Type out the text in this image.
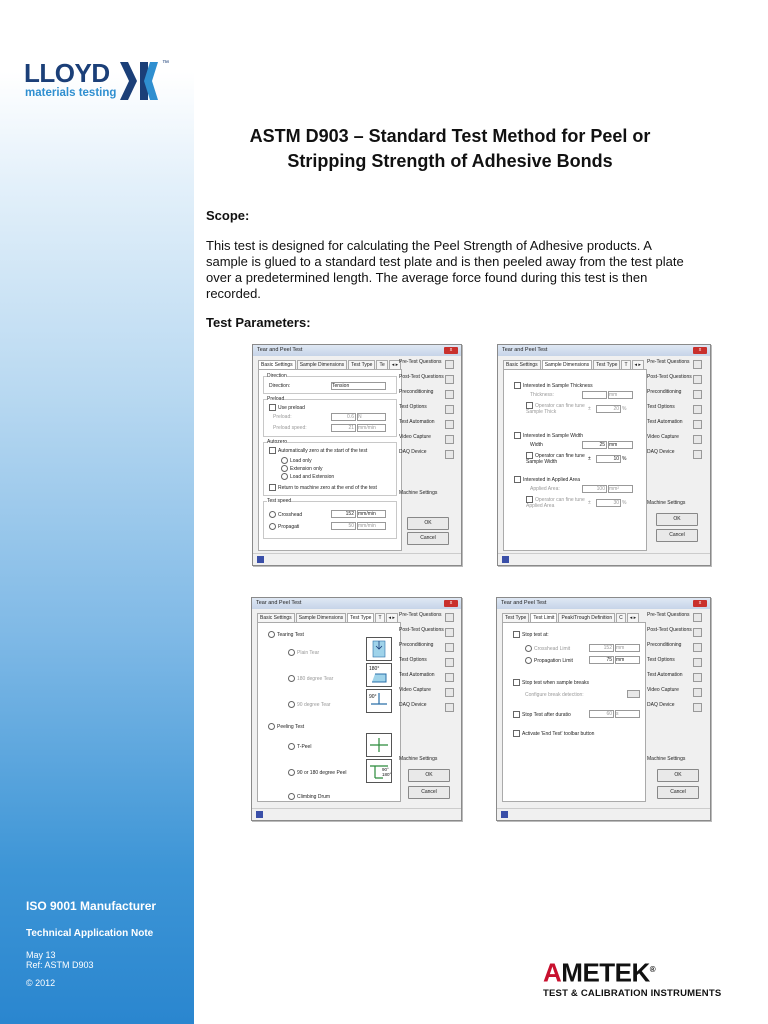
LLOYD	™
materials testing
ISO 9001 Manufacturer
Technical Application Note
May 13
Ref: ASTM D903
© 2012
ASTM D903 – Standard Test Method for Peel or
Stripping Strength of Adhesive Bonds
Scope:
This test is designed for calculating the Peel Strength of Adhesive products. A sample is glued to a standard test plate and is then peeled away from the test plate over a predetermined length. The average force found during this test is then recorded.
Test Parameters:
Tear and Peel Test	x
Basic Settings Sample Dimensions Test Type Te ◂ ▸
Direction
Direction:	Tension
Preload
Use preload
Preload:	0.6 N
Preload speed:	21 mm/min
Autozero
Automatically zero at the start of the test
Load only
Extension only
Load and Extension
Return to machine zero at the end of the test
Test speed
Crosshead	152 mm/min
Propagati	50 mm/min
Pre-Test Questions
Post-Test Questions
Preconditioning
Test Options
Test Automation
Video Capture
DAQ Device
Machine Settings
OK
Cancel
Tear and Peel Test	x
Basic Settings Sample Dimensions Test Type T ◂ ▸
Interested in Sample Thickness
Thickness:	mm
Operator can fine tune Sample Thick	±	20 %
Interested in Sample Width
Width	25 mm
Operator can fine tune Sample Width	±	10 %
Interested in Applied Area
Applied Area:	100 mm²
Operator can fine tune Applied Area	±	30 %
Pre-Test Questions
Post-Test Questions
Preconditioning
Test Options
Test Automation
Video Capture
DAQ Device
Machine Settings
OK
Cancel
Tear and Peel Test	x
Basic Settings Sample Dimensions Test Type T ◂ ▸
Tearing Test
Plain Tear
180 degree Tear
180°
90 degree Tear
90°
Peeling Test
T-Peel
90 or 180 degree Peel
90°
180°
Climbing Drum
Pre-Test Questions
Post-Test Questions
Preconditioning
Test Options
Test Automation
Video Capture
DAQ Device
Machine Settings
OK
Cancel
Tear and Peel Test	x
Test Type Test Limit Peak/Trough Definition C ◂ ▸
Stop test at:
Crosshead Limit	152 mm
Propagation Limit	75 mm
Stop test when sample breaks
Configure break detection:
Stop Test after duratio	60 s
Activate 'End Test' toolbar button
Pre-Test Questions
Post-Test Questions
Preconditioning
Test Options
Test Automation
Video Capture
DAQ Device
Machine Settings
OK
Cancel
AMETEK®
TEST & CALIBRATION INSTRUMENTS
